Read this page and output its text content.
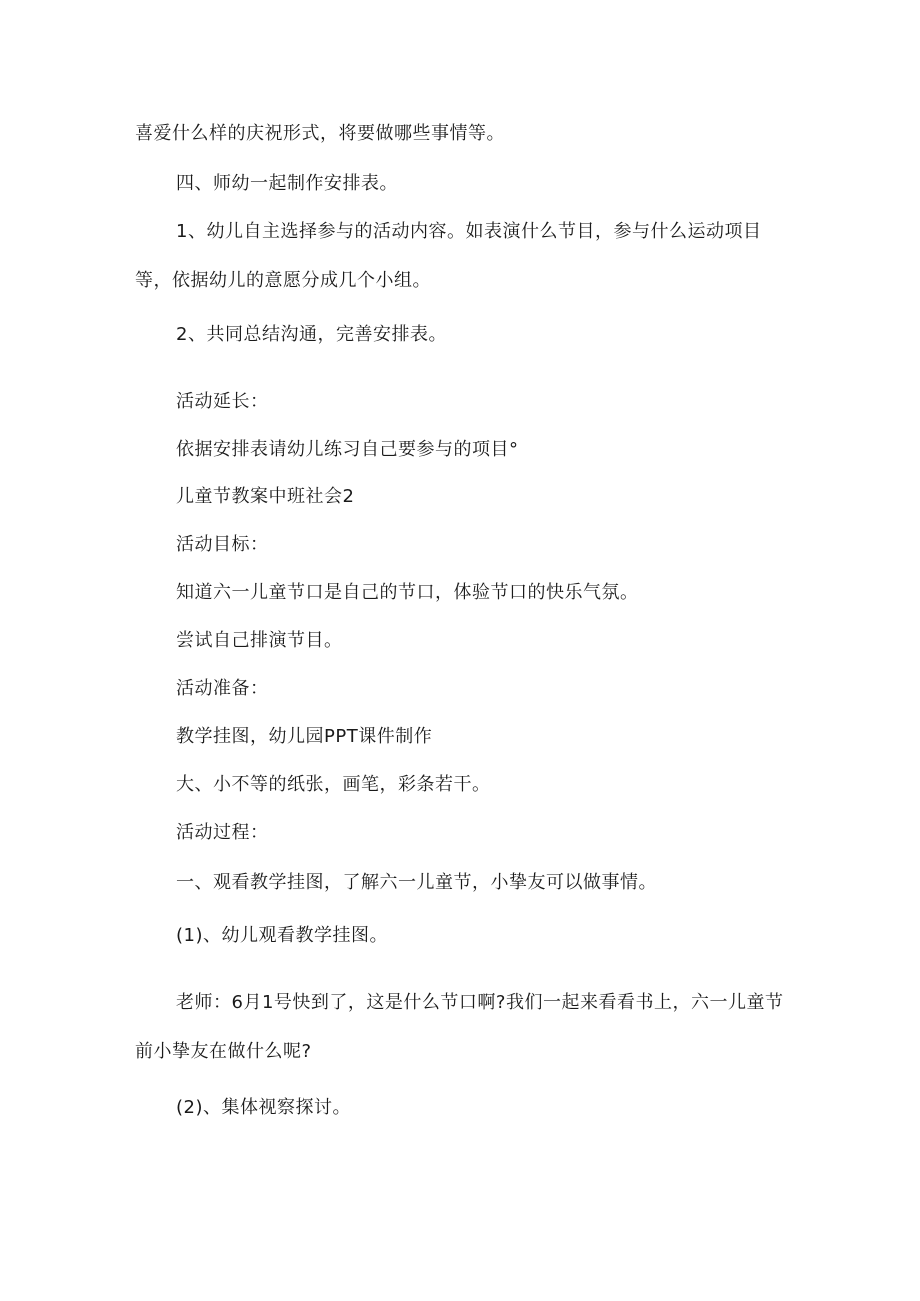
喜爱什么样的庆祝形式，将要做哪些事情等。
四、师幼一起制作安排表。
1、幼儿自主选择参与的活动内容。如表演什么节目，参与什么运动项目
等，依据幼儿的意愿分成几个小组。
2、共同总结沟通，完善安排表。
活动延长：
依据安排表请幼儿练习自己要参与的项目°
儿童节教案中班社会2
活动目标：
知道六一儿童节口是自己的节口，体验节口的快乐气氛。
尝试自己排演节目。
活动准备：
教学挂图，幼儿园PPT课件制作
大、小不等的纸张，画笔，彩条若干。
活动过程：
一、观看教学挂图，了解六一儿童节，小挚友可以做事情。
(1)、幼儿观看教学挂图。
老师：6月1号快到了，这是什么节口啊?我们一起来看看书上，六一儿童节
前小挚友在做什么呢?
(2)、集体视察探讨。
